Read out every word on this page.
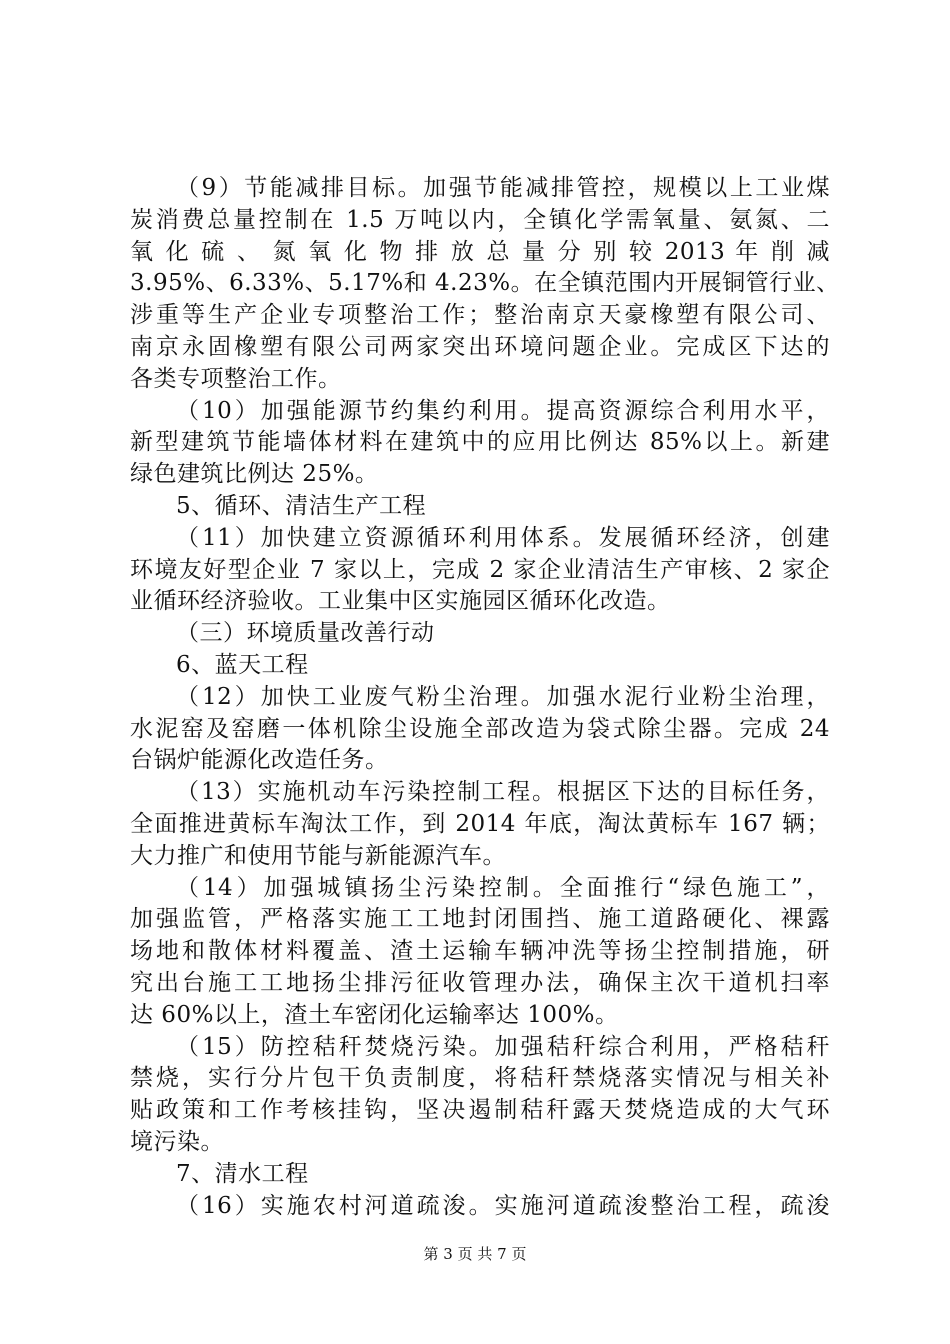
（9）节能减排目标。加强节能减排管控，规模以上工业煤
炭消费总量控制在 1.5 万吨以内，全镇化学需氧量、氨氮、二
氧 化 硫 、 氮 氧 化 物 排 放 总 量 分 别 较 2013 年 削 减
3.95%、6.33%、5.17%和 4.23%。在全镇范围内开展铜管行业、
涉重等生产企业专项整治工作；整治南京天豪橡塑有限公司、
南京永固橡塑有限公司两家突出环境问题企业。完成区下达的
各类专项整治工作。
（10）加强能源节约集约利用。提高资源综合利用水平，
新型建筑节能墙体材料在建筑中的应用比例达 85%以上。新建
绿色建筑比例达 25%。
5、循环、清洁生产工程
（11）加快建立资源循环利用体系。发展循环经济，创建
环境友好型企业 7 家以上，完成 2 家企业清洁生产审核、2 家企
业循环经济验收。工业集中区实施园区循环化改造。
（三）环境质量改善行动
6、蓝天工程
（12）加快工业废气粉尘治理。加强水泥行业粉尘治理，
水泥窑及窑磨一体机除尘设施全部改造为袋式除尘器。完成 24
台锅炉能源化改造任务。
（13）实施机动车污染控制工程。根据区下达的目标任务，
全面推进黄标车淘汰工作，到 2014 年底，淘汰黄标车 167 辆；
大力推广和使用节能与新能源汽车。
（14）加强城镇扬尘污染控制。全面推行“绿色施工”，
加强监管，严格落实施工工地封闭围挡、施工道路硬化、裸露
场地和散体材料覆盖、渣土运输车辆冲洗等扬尘控制措施，研
究出台施工工地扬尘排污征收管理办法，确保主次干道机扫率
达 60%以上，渣土车密闭化运输率达 100%。
（15）防控秸秆焚烧污染。加强秸秆综合利用，严格秸秆
禁烧，实行分片包干负责制度，将秸秆禁烧落实情况与相关补
贴政策和工作考核挂钩，坚决遏制秸秆露天焚烧造成的大气环
境污染。
7、清水工程
（16）实施农村河道疏浚。实施河道疏浚整治工程，疏浚
第 3 页 共 7 页
